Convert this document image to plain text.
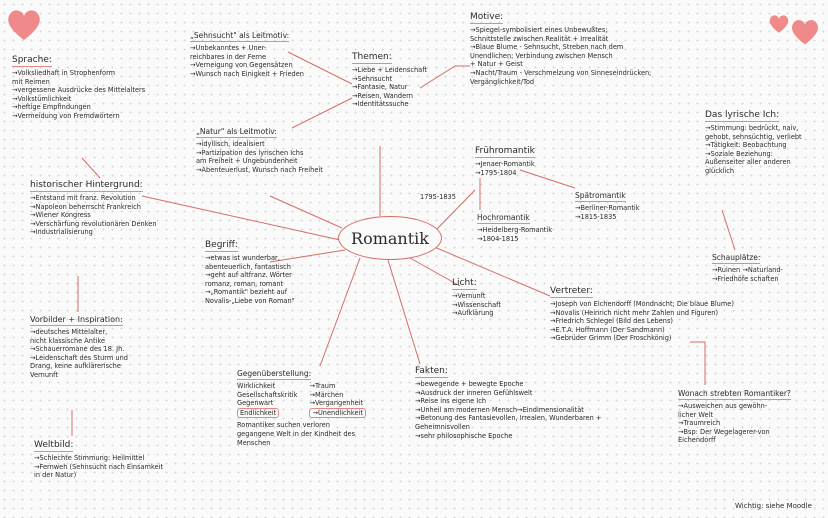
Romantik
1795-1835
Sprache:
→Volksliedhaft in Strophenform
mit Reimen
→vergessene Ausdrücke des Mittelalters
→Volkstümlichkeit
→heftige Empfindungen
→Vermeidung von Fremdwörtern
„Sehnsucht" als Leitmotiv:
→Unbekanntes + Uner-
reichbares in der Ferne
→Verneigung von Gegensätzen
→Wunsch nach Einigkeit + Frieden
„Natur" als Leitmotiv:
→idyllisch, idealisiert
→Partizipation des lyrischen Ichs
am Freiheit + Ungebundenheit
→Abenteuerlust, Wunsch nach Freiheit
Themen:
→Liebe + Leidenschaft
→Sehnsucht
→Fantasie, Natur
→Reisen, Wandern
→Identitätssuche
Motive:
→Spiegel-symbolisiert eines Unbewußtes;
Schnittstelle zwischen Realität + Irrealität
→Blaue Blume - Sehnsucht, Streben nach dem
Unendlichen; Verbindung zwischen Mensch
+ Natur + Geist
→Nacht/Traum - Verschmelzung von Sinneseindrücken;
Vergänglichkeit/Tod
Das lyrische Ich:
→Stimmung: bedrückt, naiv,
gehobt, sehnsüchtig, verliebt
→Tätigkeit: Beobachtung
→Soziale Beziehung:
Außenseiter aller anderen
glücklich
Schauplätze:
→Ruinen →Naturland-
→Friedhöfe schaften
Frühromantik
→Jenaer-Romantik
→1795-1804
Hochromantik
→Heidelberg-Romantik
→1804-1815
Spätromantik
→Berliner-Romantik
→1815-1835
historischer Hintergrund:
→Entstand mit franz. Revolution
→Napoleon beherrscht Frankreich
→Wiener Kongress
→Verschärfung revolutionären Denken
→Industrialisierung
Begriff:
→etwas ist wunderbar,
abenteuerlich, fantastisch
→geht auf altfranz. Wörter
romanz, roman, romant
→„Romantik" bezieht auf
Novalis-„Liebe von Roman"
Licht:
→Vernunft
→Wissenschaft
→Aufklärung
Vertreter:
→Joseph von Eichendorff (Mondnacht; Die blaue Blume)
→Novalis (Heinrich nicht mehr Zahlen und Figuren)
→Friedrich Schlegel (Bild des Lebens)
→E.T.A. Hoffmann (Der Sandmann)
→Gebrüder Grimm (Der Froschkönig)
Vorbilder + Inspiration:
→deutsches Mittelalter,
nicht klassische Antike
→Schauerromane des 18. Jh.
→Leidenschaft des Sturm und
Drang, keine aufklärerische
Vernunft	Gegenüberstellung:
Wirklichkeit
Gesellschaftskritik
Gegenwart
Endlichkeit
→Traum
→Märchen
→Vergangenheit
→Unendlichkeit
Romantiker suchen verloren
gegangene Welt in der Kindheit des
Menschen
Fakten:
→bewegende + bewegte Epoche
→Ausdruck der inneren Gefühlswelt
→Reise ins eigene Ich
→Unheil am modernen Mensch→Eindimensionalität
→Betonung des Fantasievollen, Irrealen, Wunderbaren +
Geheimnisvollen
→sehr philosophische Epoche
Wonach strebten Romantiker?
→Ausweichen aus gewöhn-
licher Welt
→Traumreich
→Bsp: Der Wegelagerer-von
Eichendorff
Weltbild:
→Schlechte Stimmung: Heilmittel
→Fernweh (Sehnsucht nach Einsamkeit
in der Natur)
Wichtig: siehe Moodle
